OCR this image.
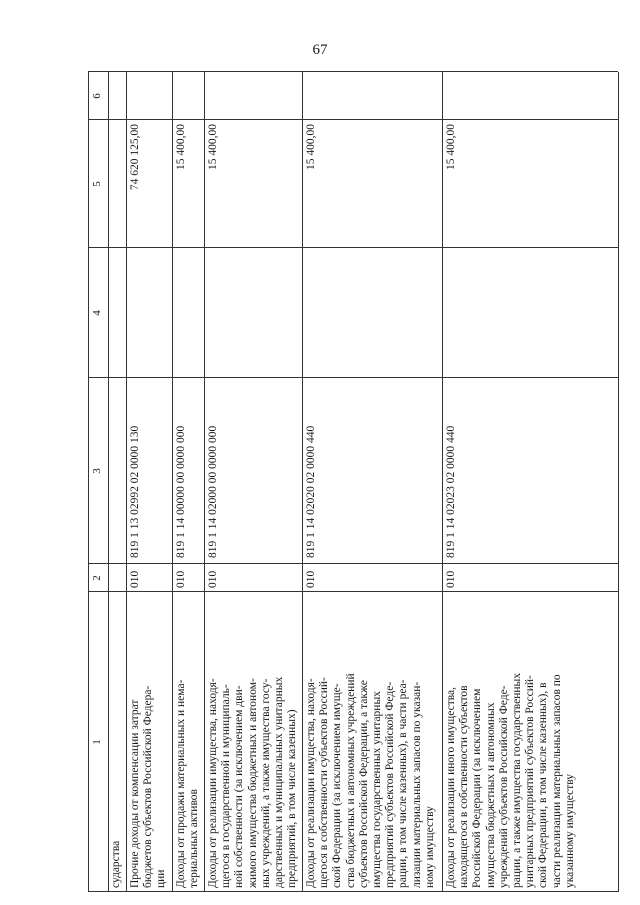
67
1
2
3
4
5
6
сударства Прочие доходы от компенсации затрат бюджетов субъектов Российской Федера- ции
010
819 1 13 02992 02 0000 130
74 620 125,00
Доходы от продажи материальных и нема- териальных активов
010
819 1 14 00000 00 0000 000
15 400,00
Доходы от реализации имущества, находя- щегося в государственной и муниципаль- ной собственности (за исключением дви- жимого имущества бюджетных и автоном- ных учреждений, а также имущества госу- дарственных и муниципальных унитарных предприятий, в том числе казенных)
010
819 1 14 02000 00 0000 000
15 400,00
Доходы от реализации имущества, находя- щегося в собственности субъектов Россий- ской Федерации (за исключением имуще- ства бюджетных и автономных учреждений субъектов Российской Федерации, а также имущества государственных унитарных предприятий субъектов Российской Феде- рации, в том числе казенных), в части реа- лизации материальных запасов по указан- ному имуществу
010
819 1 14 02020 02 0000 440
15 400,00
Доходы от реализации иного имущества, находящегося в собственности субъектов Российской Федерации (за исключением имущества бюджетных и автономных учреждений субъектов Российской Феде- рации, а также имущества государственных унитарных предприятий субъектов Россий- ской Федерации, в том числе казенных), в части реализации материальных запасов по указанному имуществу
010
819 1 14 02023 02 0000 440
15 400,00
